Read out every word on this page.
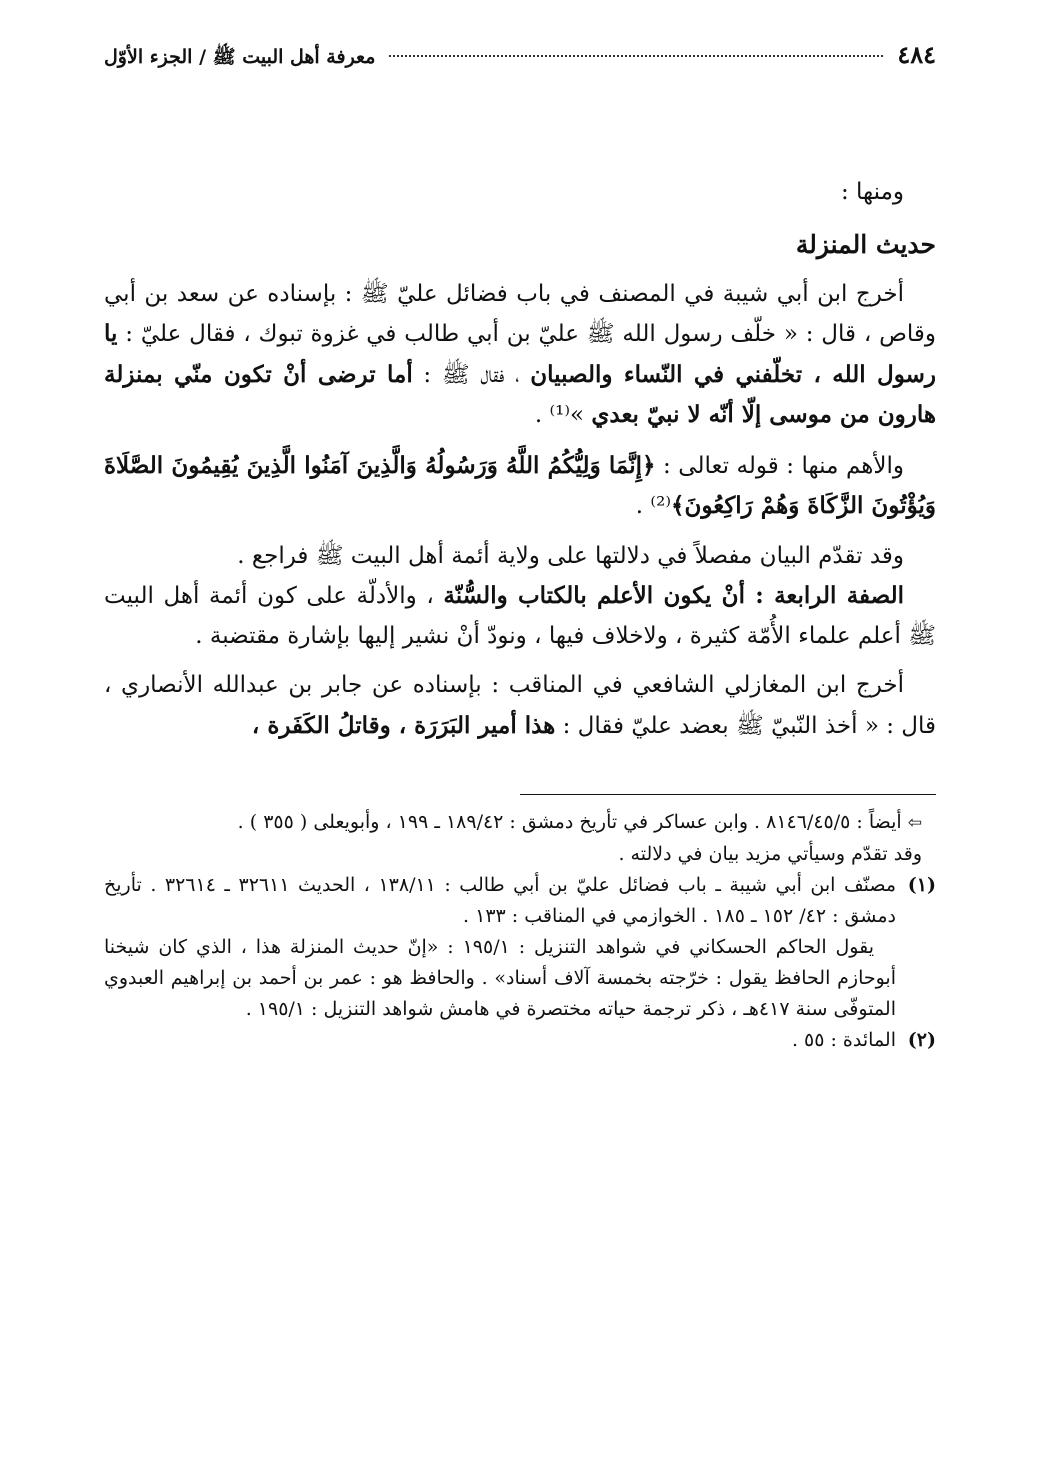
٤٨٤
معرفة أهل البيت ﷺ / الجزء الأوّل

ومنها :

حديث المنزلة

أخرج ابن أبي شيبة في المصنف في باب فضائل عليّ ﷺ : بإسناده عن سعد بن أبي وقاص ، قال : « خلّف رسول الله ﷺ عليّ بن أبي طالب في غزوة تبوك ، فقال عليّ : يا رسول الله ، تخلّفني في النّساء والصبيان ، فقال ﷺ : أما ترضى أنْ تكون منّي بمنزلة هارون من موسى إلّا أنّه لا نبيّ بعدي »⁽¹⁾ .

والأهم منها : قوله تعالى : ﴿إِنَّمَا وَلِيُّكُمُ اللَّهُ وَرَسُولُهُ وَالَّذِينَ آمَنُوا الَّذِينَ يُقِيمُونَ الصَّلَاةَ وَيُؤْتُونَ الزَّكَاةَ وَهُمْ رَاكِعُونَ﴾⁽²⁾ .

وقد تقدّم البيان مفصلاً في دلالتها على ولاية أئمة أهل البيت ﷺ فراجع .

الصفة الرابعة : أنْ يكون الأعلم بالكتاب والسُّنّة ، والأدلّة على كون أئمة أهل البيت ﷺ أعلم علماء الأُمّة كثيرة ، ولاخلاف فيها ، ونودّ أنْ نشير إليها بإشارة مقتضبة .

أخرج ابن المغازلي الشافعي في المناقب : بإسناده عن جابر بن عبدالله الأنصاري ، قال : « أخذ النّبيّ ﷺ بعضد عليّ فقال : هذا أمير البَرَرَة ، وقاتلُ الكَفَرة ،

⇦ أيضاً : ٨١٤٦/٤٥/٥ . وابن عساكر في تأريخ دمشق : ١٨٩/٤٢ ـ ١٩٩ ، وأبويعلى ( ٣٥٥ ) .

وقد تقدّم وسيأتي مزيد بيان في دلالته .

(١)

مصنّف ابن أبي شيبة ـ باب فضائل عليّ بن أبي طالب : ١٣٨/١١ ، الحديث ٣٢٦١١ ـ ٣٢٦١٤ . تأريخ دمشق : ٤٢/ ١٥٢ ـ ١٨٥ . الخوازمي في المناقب : ١٣٣ .

يقول الحاكم الحسكاني في شواهد التنزيل : ١٩٥/١ : «إنّ حديث المنزلة هذا ، الذي كان شيخنا أبوحازم الحافظ يقول : خرّجته بخمسة آلاف أسناد» . والحافظ هو : عمر بن أحمد بن إبراهيم العبدوي المتوفّى سنة ٤١٧هـ ، ذكر ترجمة حياته مختصرة في هامش شواهد التنزيل : ١٩٥/١ .

(٢)

المائدة : ٥٥ .
